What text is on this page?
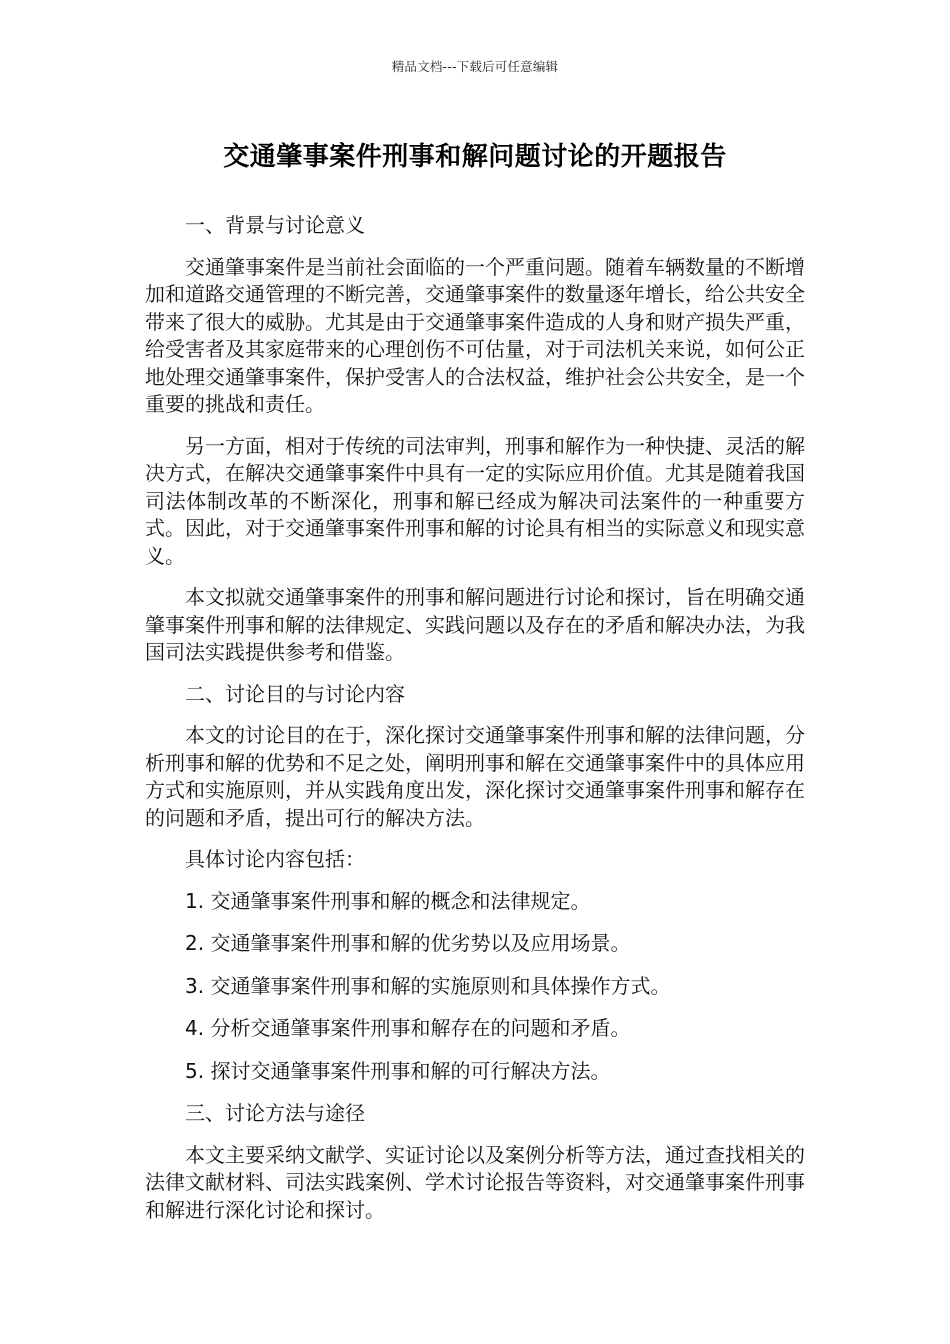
精品文档---下载后可任意编辑
交通肇事案件刑事和解问题讨论的开题报告

一、背景与讨论意义

交通肇事案件是当前社会面临的一个严重问题。随着车辆数量的不断增加和道路交通管理的不断完善，交通肇事案件的数量逐年增长，给公共安全带来了很大的威胁。尤其是由于交通肇事案件造成的人身和财产损失严重，给受害者及其家庭带来的心理创伤不可估量，对于司法机关来说，如何公正地处理交通肇事案件，保护受害人的合法权益，维护社会公共安全，是一个重要的挑战和责任。

另一方面，相对于传统的司法审判，刑事和解作为一种快捷、灵活的解决方式，在解决交通肇事案件中具有一定的实际应用价值。尤其是随着我国司法体制改革的不断深化，刑事和解已经成为解决司法案件的一种重要方式。因此，对于交通肇事案件刑事和解的讨论具有相当的实际意义和现实意义。

本文拟就交通肇事案件的刑事和解问题进行讨论和探讨，旨在明确交通肇事案件刑事和解的法律规定、实践问题以及存在的矛盾和解决办法，为我国司法实践提供参考和借鉴。

二、讨论目的与讨论内容

本文的讨论目的在于，深化探讨交通肇事案件刑事和解的法律问题，分析刑事和解的优势和不足之处，阐明刑事和解在交通肇事案件中的具体应用方式和实施原则，并从实践角度出发，深化探讨交通肇事案件刑事和解存在的问题和矛盾，提出可行的解决方法。

具体讨论内容包括：

1. 交通肇事案件刑事和解的概念和法律规定。

2. 交通肇事案件刑事和解的优劣势以及应用场景。

3. 交通肇事案件刑事和解的实施原则和具体操作方式。

4. 分析交通肇事案件刑事和解存在的问题和矛盾。

5. 探讨交通肇事案件刑事和解的可行解决方法。

三、讨论方法与途径

本文主要采纳文献学、实证讨论以及案例分析等方法，通过查找相关的法律文献材料、司法实践案例、学术讨论报告等资料，对交通肇事案件刑事和解进行深化讨论和探讨。
